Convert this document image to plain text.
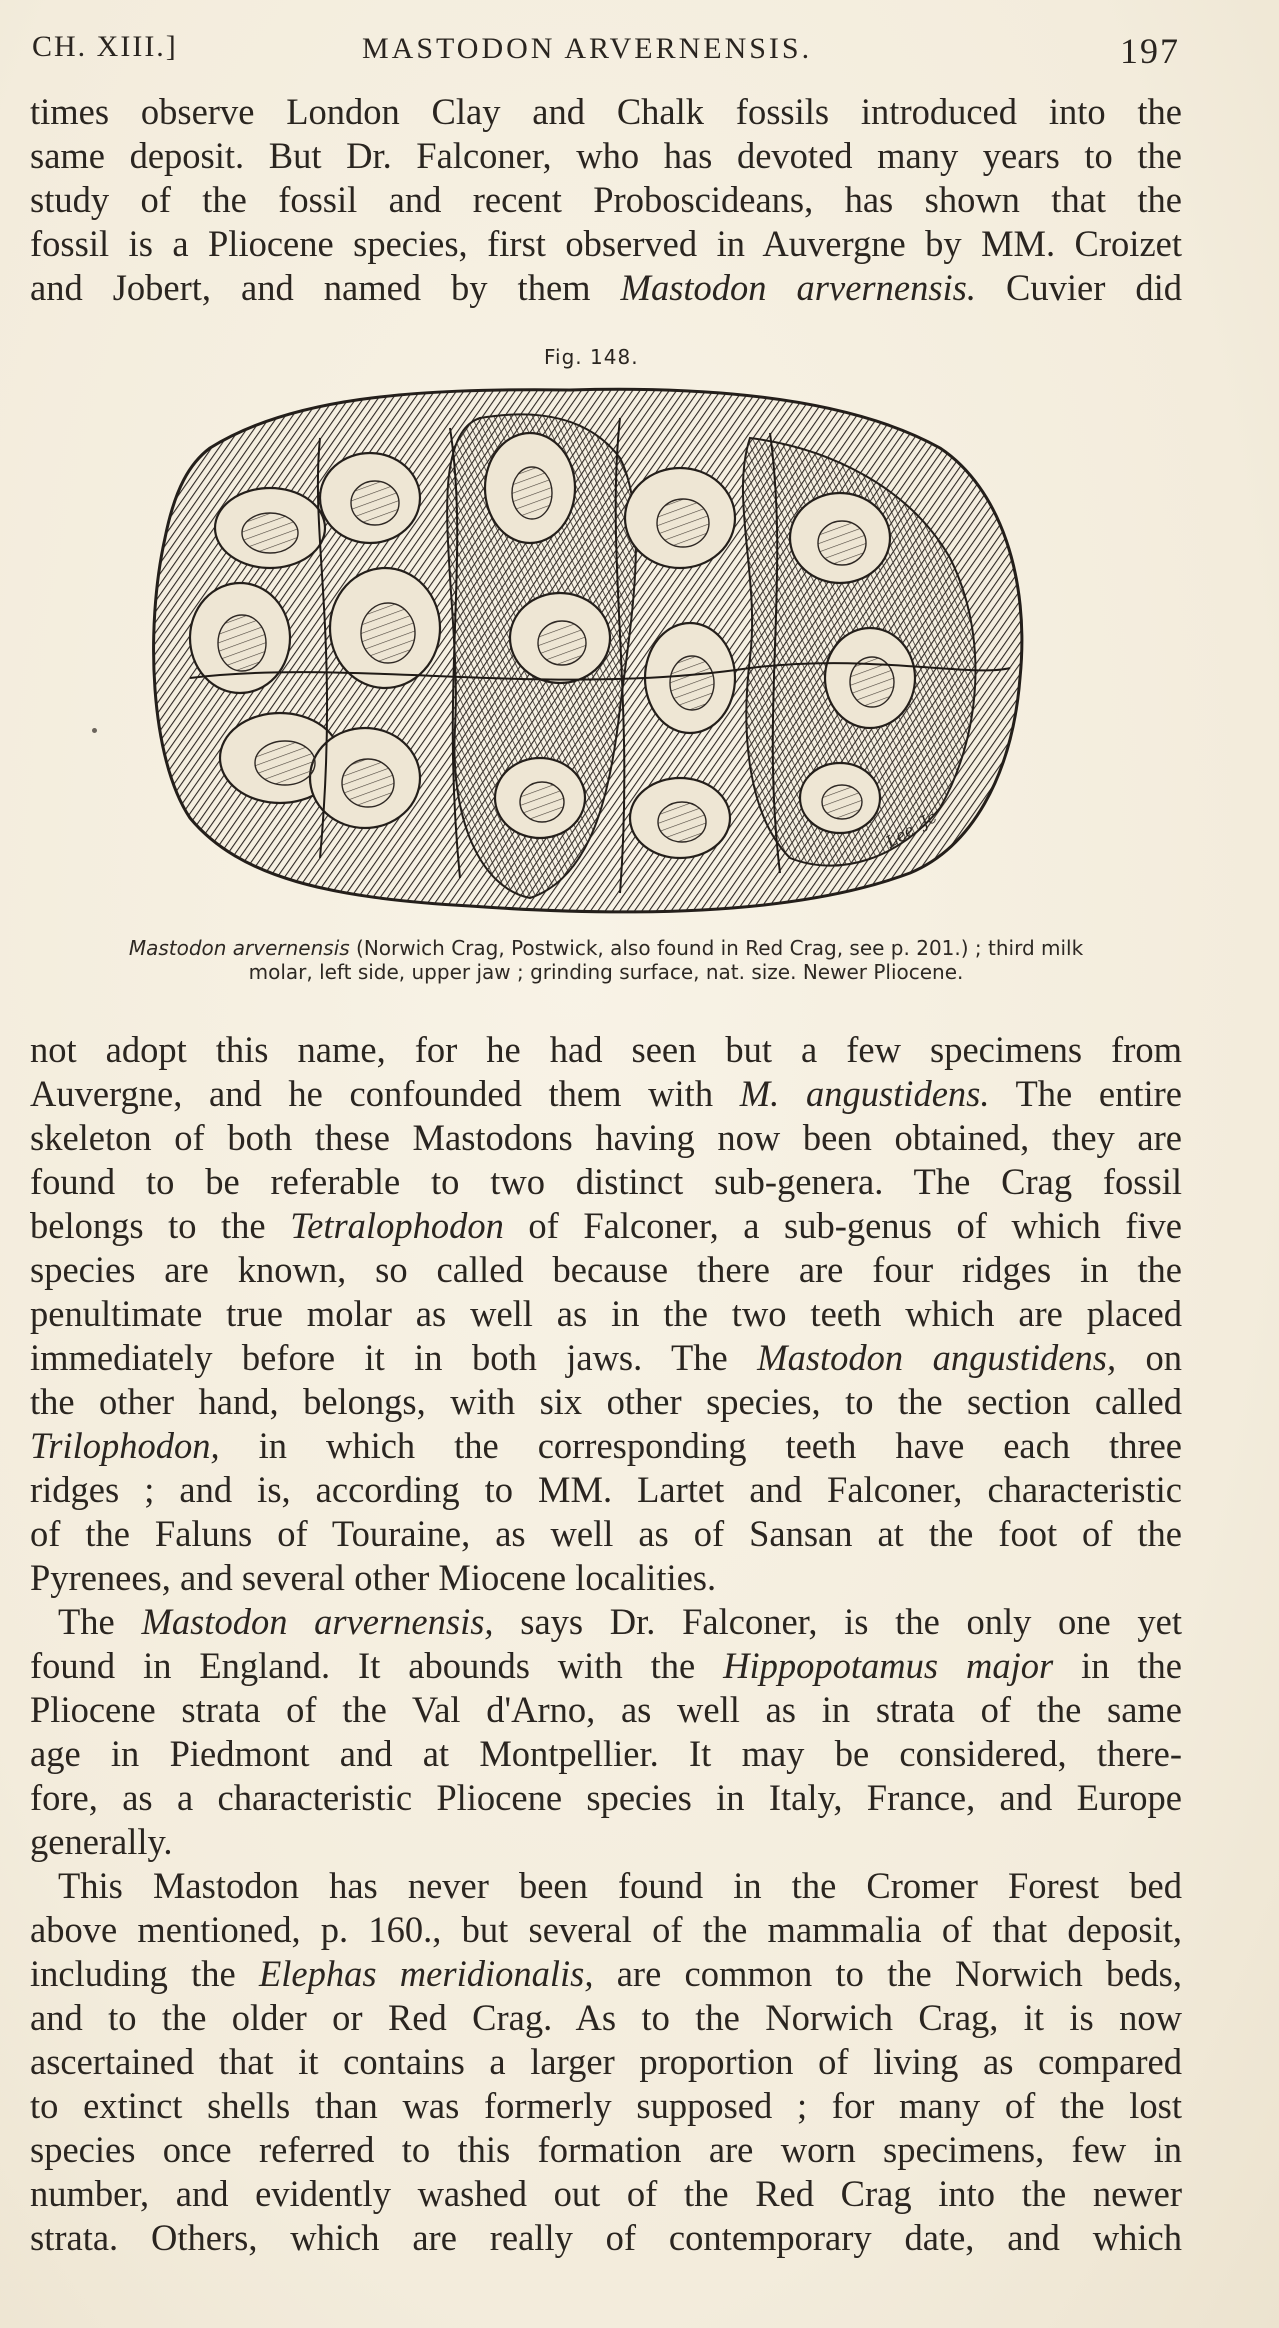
CH. XIII.]	MASTODON ARVERNENSIS.	197
times observe London Clay and Chalk fossils introduced into the
same deposit. But Dr. Falconer, who has devoted many years to the
study of the fossil and recent Proboscideans, has shown that the
fossil is a Pliocene species, first observed in Auvergne by MM. Croizet
and Jobert, and named by them Mastodon arvernensis. Cuvier did
Fig. 148.
Lee. Jc
Mastodon arvernensis (Norwich Crag, Postwick, also found in Red Crag, see p. 201.) ; third milk
molar, left side, upper jaw ; grinding surface, nat. size. Newer Pliocene.
not adopt this name, for he had seen but a few specimens from
Auvergne, and he confounded them with M. angustidens. The entire
skeleton of both these Mastodons having now been obtained, they are
found to be referable to two distinct sub-genera. The Crag fossil
belongs to the Tetralophodon of Falconer, a sub-genus of which five
species are known, so called because there are four ridges in the
penultimate true molar as well as in the two teeth which are placed
immediately before it in both jaws. The Mastodon angustidens, on
the other hand, belongs, with six other species, to the section called
Trilophodon, in which the corresponding teeth have each three
ridges ; and is, according to MM. Lartet and Falconer, characteristic
of the Faluns of Touraine, as well as of Sansan at the foot of the
Pyrenees, and several other Miocene localities.
The Mastodon arvernensis, says Dr. Falconer, is the only one yet
found in England. It abounds with the Hippopotamus major in the
Pliocene strata of the Val d'Arno, as well as in strata of the same
age in Piedmont and at Montpellier. It may be considered, there-
fore, as a characteristic Pliocene species in Italy, France, and Europe
generally.
This Mastodon has never been found in the Cromer Forest bed
above mentioned, p. 160., but several of the mammalia of that deposit,
including the Elephas meridionalis, are common to the Norwich beds,
and to the older or Red Crag. As to the Norwich Crag, it is now
ascertained that it contains a larger proportion of living as compared
to extinct shells than was formerly supposed ; for many of the lost
species once referred to this formation are worn specimens, few in
number, and evidently washed out of the Red Crag into the newer
strata. Others, which are really of contemporary date, and which
